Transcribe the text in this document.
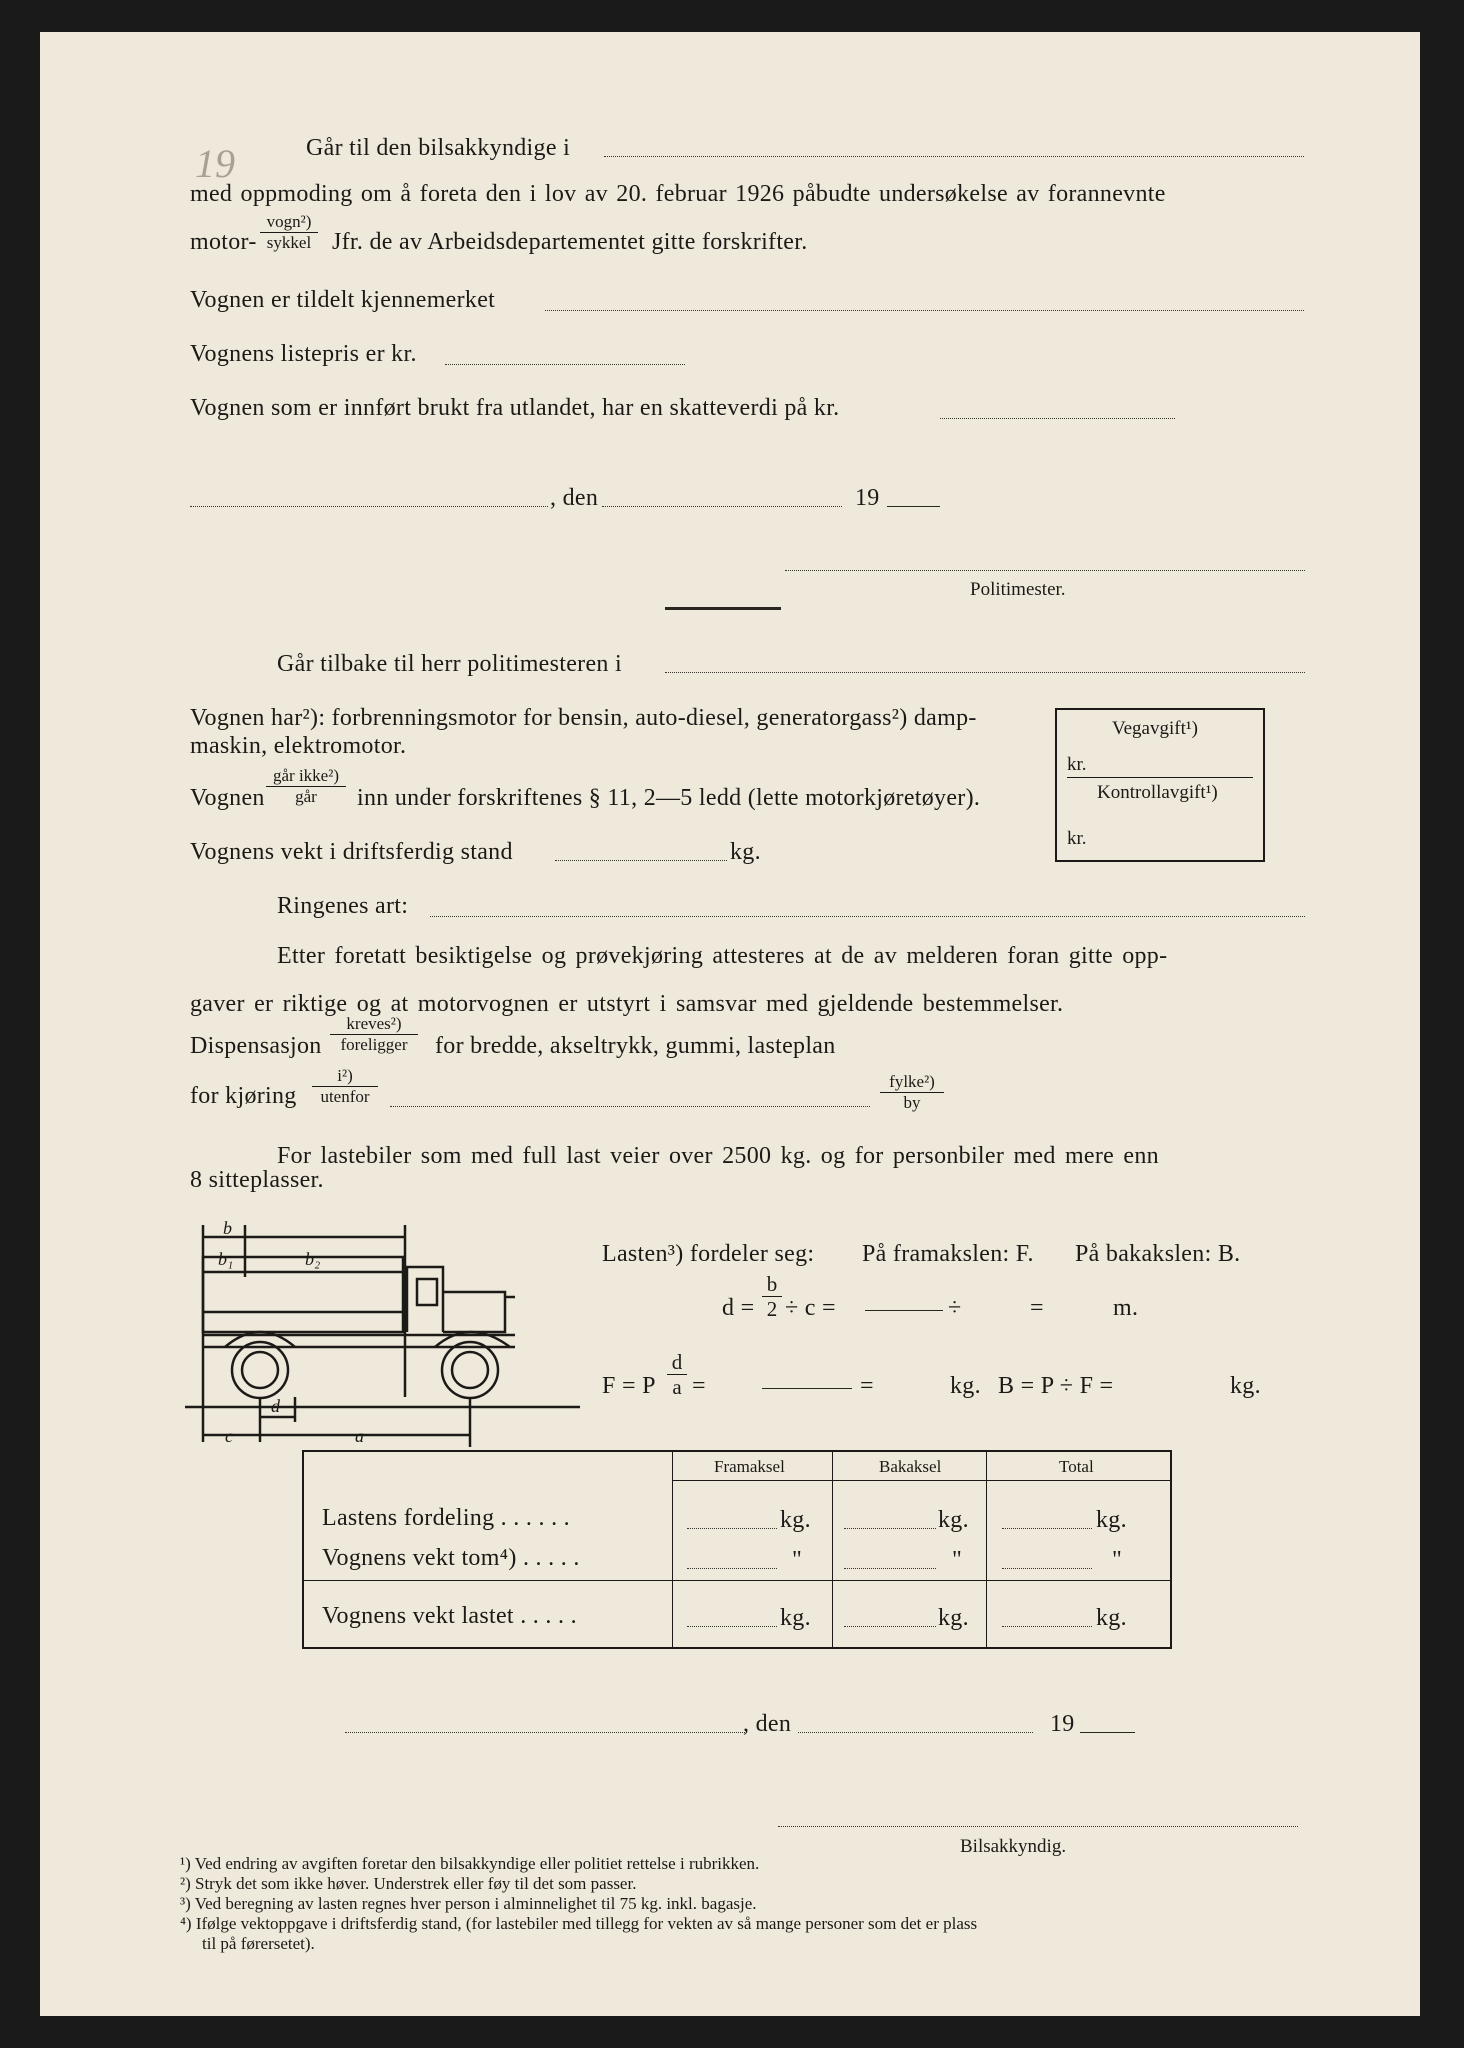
19	Går til den bilsakkyndige i
med oppmoding om å foreta den i lov av 20. februar 1926 påbudte undersøkelse av forannevnte
motor-
vogn²)
sykkel Jfr. de av Arbeidsdepartementet gitte forskrifter.
Vognen er tildelt kjennemerket
Vognens listepris er kr.
Vognen som er innført brukt fra utlandet, har en skatteverdi på kr.
, den	19
Politimester.
Går tilbake til herr politimesteren i
Vognen har²): forbrenningsmotor for bensin, auto-diesel, generatorgass²) damp-
maskin, elektromotor.
Vognen
går ikke²)
går	inn under forskriftenes § 11, 2—5 ledd (lette motorkjøretøyer).
Vognens vekt i driftsferdig stand	kg.
Vegavgift¹)
kr.
Kontrollavgift¹)
kr.
Ringenes art:
Etter foretatt besiktigelse og prøvekjøring attesteres at de av melderen foran gitte opp-
gaver er riktige og at motorvognen er utstyrt i samsvar med gjeldende bestemmelser.
Dispensasjon
kreves²)
foreligger	for bredde, akseltrykk, gummi, lasteplan
for kjøring
i²)
utenfor
fylke²)
by
For lastebiler som med full last veier over 2500 kg. og for personbiler med mere enn
8 sitteplasser.
b
b₁	b₂
c
d
a
Lasten³) fordeler seg: På framakslen: F. På bakakslen: B.
d =
b
2 ÷ c =	÷	=	m.
F = P
d
a =	=	kg. B = P ÷ F =	kg.
Framaksel	Bakaksel	Total
Lastens fordeling . . . . . .	kg.	kg.	kg.
Vognens vekt tom⁴) . . . . .	"	"	"
Vognens vekt lastet . . . . .	kg.	kg.	kg.
, den	19
Bilsakkyndig.
¹) Ved endring av avgiften foretar den bilsakkyndige eller politiet rettelse i rubrikken.
²) Stryk det som ikke høver. Understrek eller føy til det som passer.
³) Ved beregning av lasten regnes hver person i alminnelighet til 75 kg. inkl. bagasje.
⁴) Ifølge vektoppgave i driftsferdig stand, (for lastebiler med tillegg for vekten av så mange personer som det er plass
til på førersetet).
